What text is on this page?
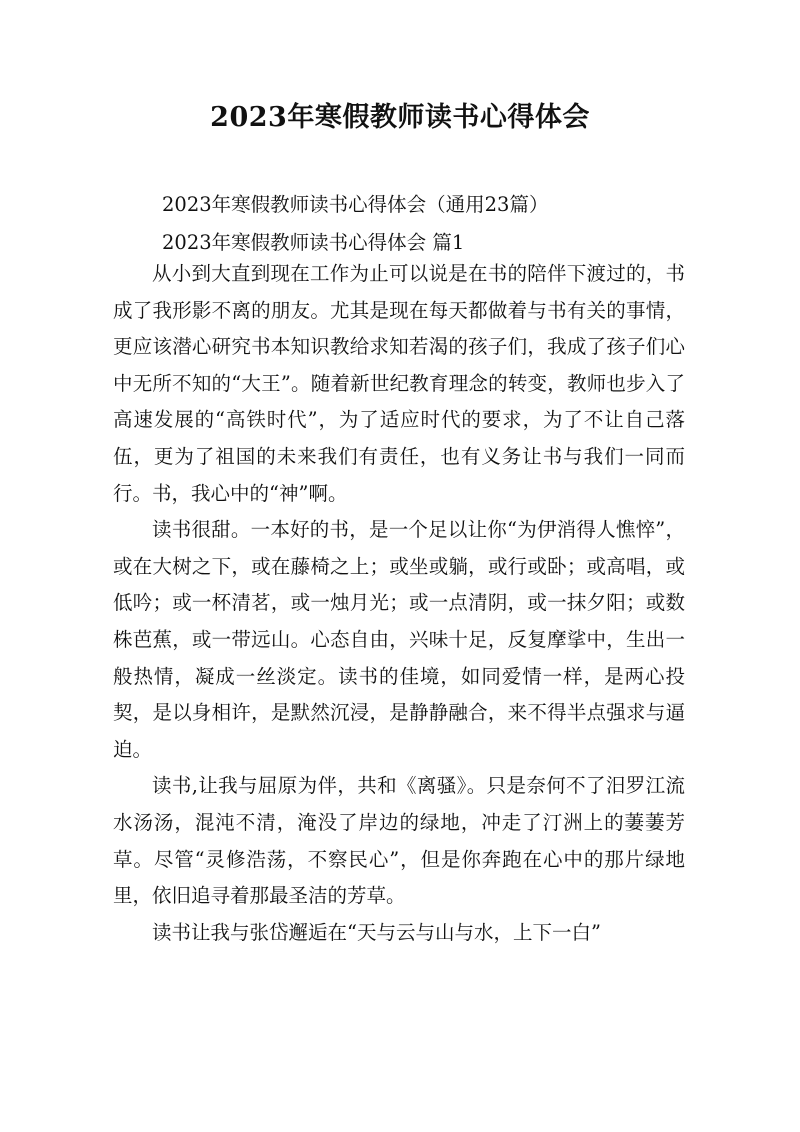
2023年寒假教师读书心得体会
2023年寒假教师读书心得体会（通用23篇）
2023年寒假教师读书心得体会 篇1

从小到大直到现在工作为止可以说是在书的陪伴下渡过的，书成了我形影不离的朋友。尤其是现在每天都做着与书有关的事情，更应该潜心研究书本知识教给求知若渴的孩子们，我成了孩子们心中无所不知的“大王”。随着新世纪教育理念的转变，教师也步入了高速发展的“高铁时代”，为了适应时代的要求，为了不让自己落伍，更为了祖国的未来我们有责任，也有义务让书与我们一同而行。书，我心中的“神”啊。

读书很甜。一本好的书，是一个足以让你“为伊消得人憔悴”，或在大树之下，或在藤椅之上；或坐或躺，或行或卧；或高唱，或低吟；或一杯清茗，或一烛月光；或一点清阴，或一抹夕阳；或数株芭蕉，或一带远山。心态自由，兴味十足，反复摩挲中，生出一般热情，凝成一丝淡定。读书的佳境，如同爱情一样，是两心投契，是以身相许，是默然沉浸，是静静融合，来不得半点强求与逼迫。

读书,让我与屈原为伴，共和《离骚》。只是奈何不了汨罗江流水汤汤，混沌不清，淹没了岸边的绿地，冲走了汀洲上的萋萋芳草。尽管“灵修浩荡，不察民心”，但是你奔跑在心中的那片绿地里，依旧追寻着那最圣洁的芳草。

读书让我与张岱邂逅在“天与云与山与水，上下一白”
